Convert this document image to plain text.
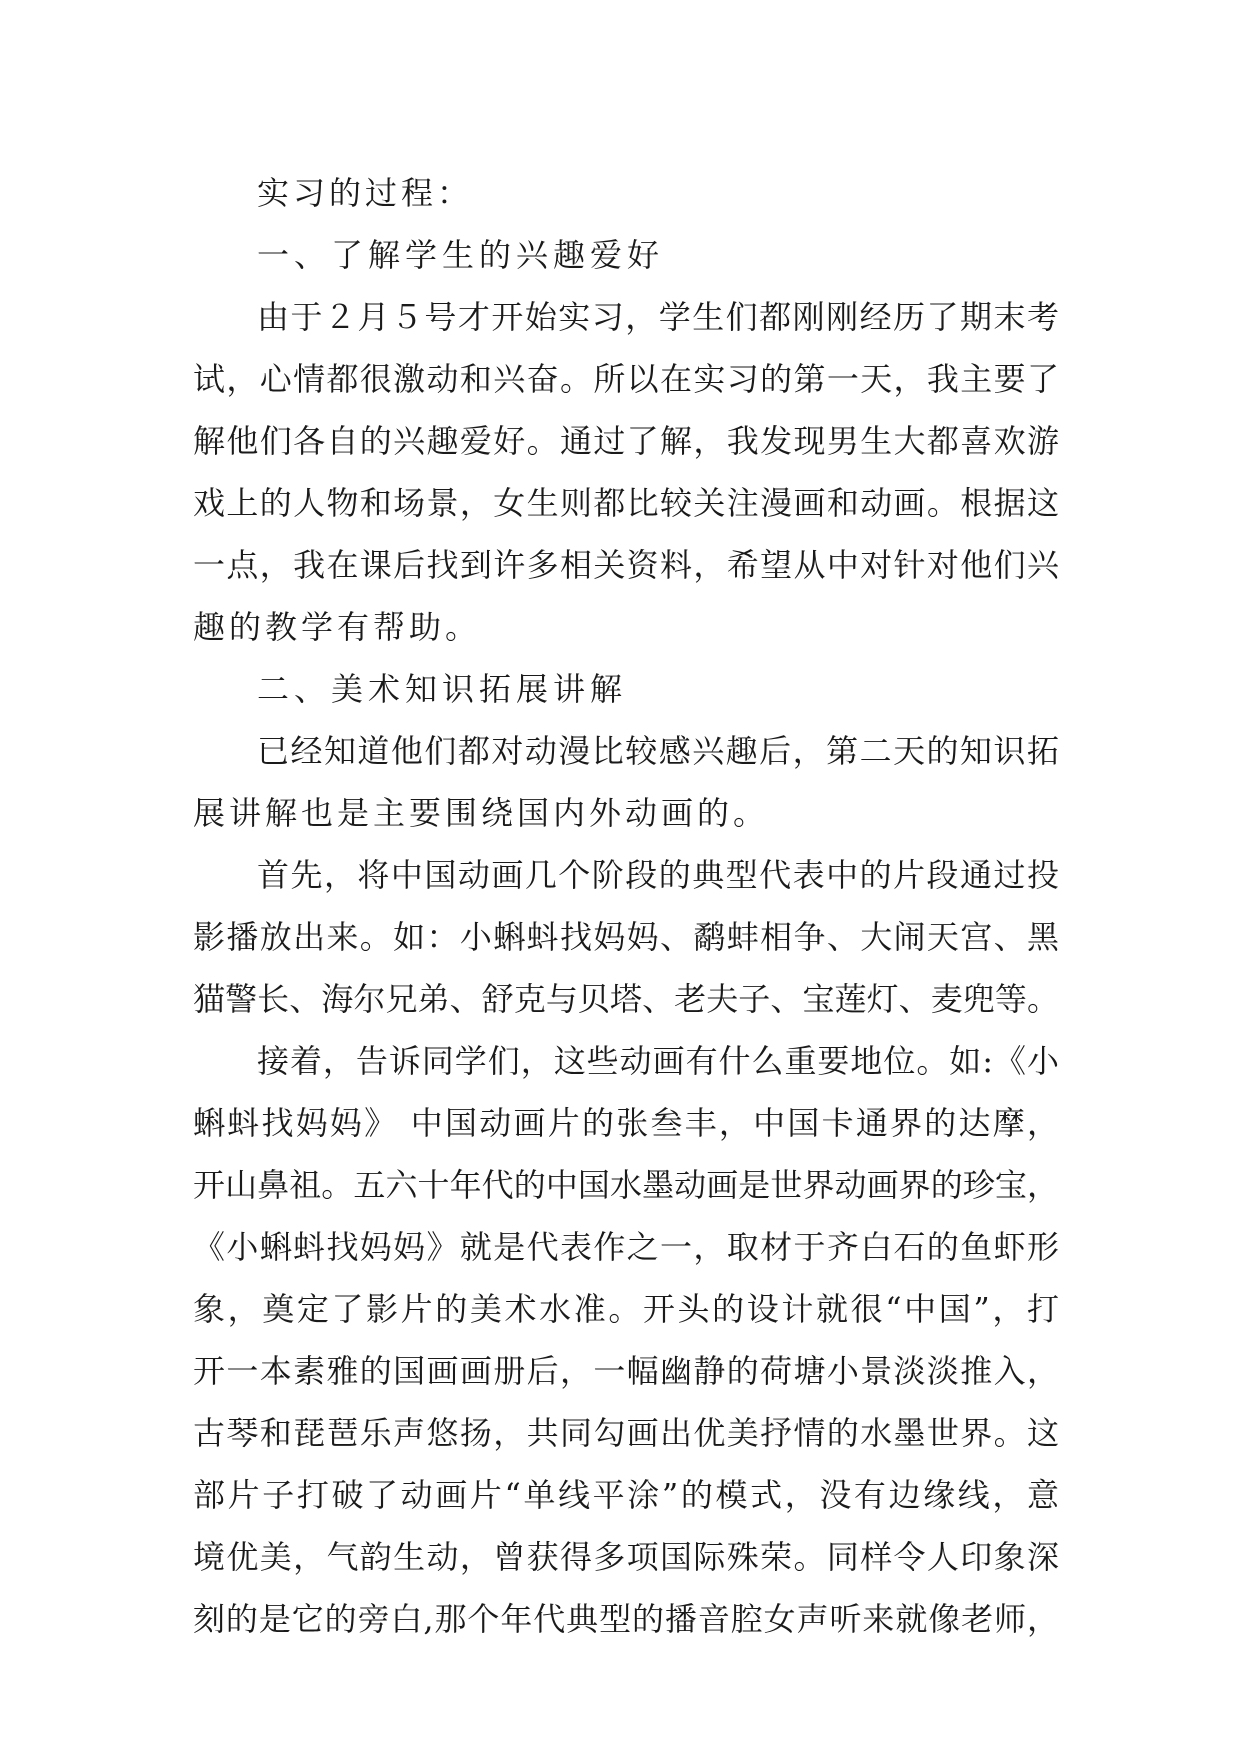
实习的过程：
一、了解学生的兴趣爱好
由于２月５号才开始实习，学生们都刚刚经历了期末考
试，心情都很激动和兴奋。所以在实习的第一天，我主要了
解他们各自的兴趣爱好。通过了解，我发现男生大都喜欢游
戏上的人物和场景，女生则都比较关注漫画和动画。根据这
一点，我在课后找到许多相关资料，希望从中对针对他们兴
趣的教学有帮助。
二、美术知识拓展讲解
已经知道他们都对动漫比较感兴趣后，第二天的知识拓
展讲解也是主要围绕国内外动画的。
首先，将中国动画几个阶段的典型代表中的片段通过投
影播放出来。如：小蝌蚪找妈妈、鹬蚌相争、大闹天宫、黑
猫警长、海尔兄弟、舒克与贝塔、老夫子、宝莲灯、麦兜等。
接着，告诉同学们，这些动画有什么重要地位。如:《小
蝌蚪找妈妈》 中国动画片的张叁丰，中国卡通界的达摩，
开山鼻祖。五六十年代的中国水墨动画是世界动画界的珍宝，
《小蝌蚪找妈妈》就是代表作之一，取材于齐白石的鱼虾形
象，奠定了影片的美术水准。开头的设计就很“中国”，打
开一本素雅的国画画册后，一幅幽静的荷塘小景淡淡推入，
古琴和琵琶乐声悠扬，共同勾画出优美抒情的水墨世界。这
部片子打破了动画片“单线平涂”的模式，没有边缘线，意
境优美，气韵生动，曾获得多项国际殊荣。同样令人印象深
刻的是它的旁白,那个年代典型的播音腔女声听来就像老师，
